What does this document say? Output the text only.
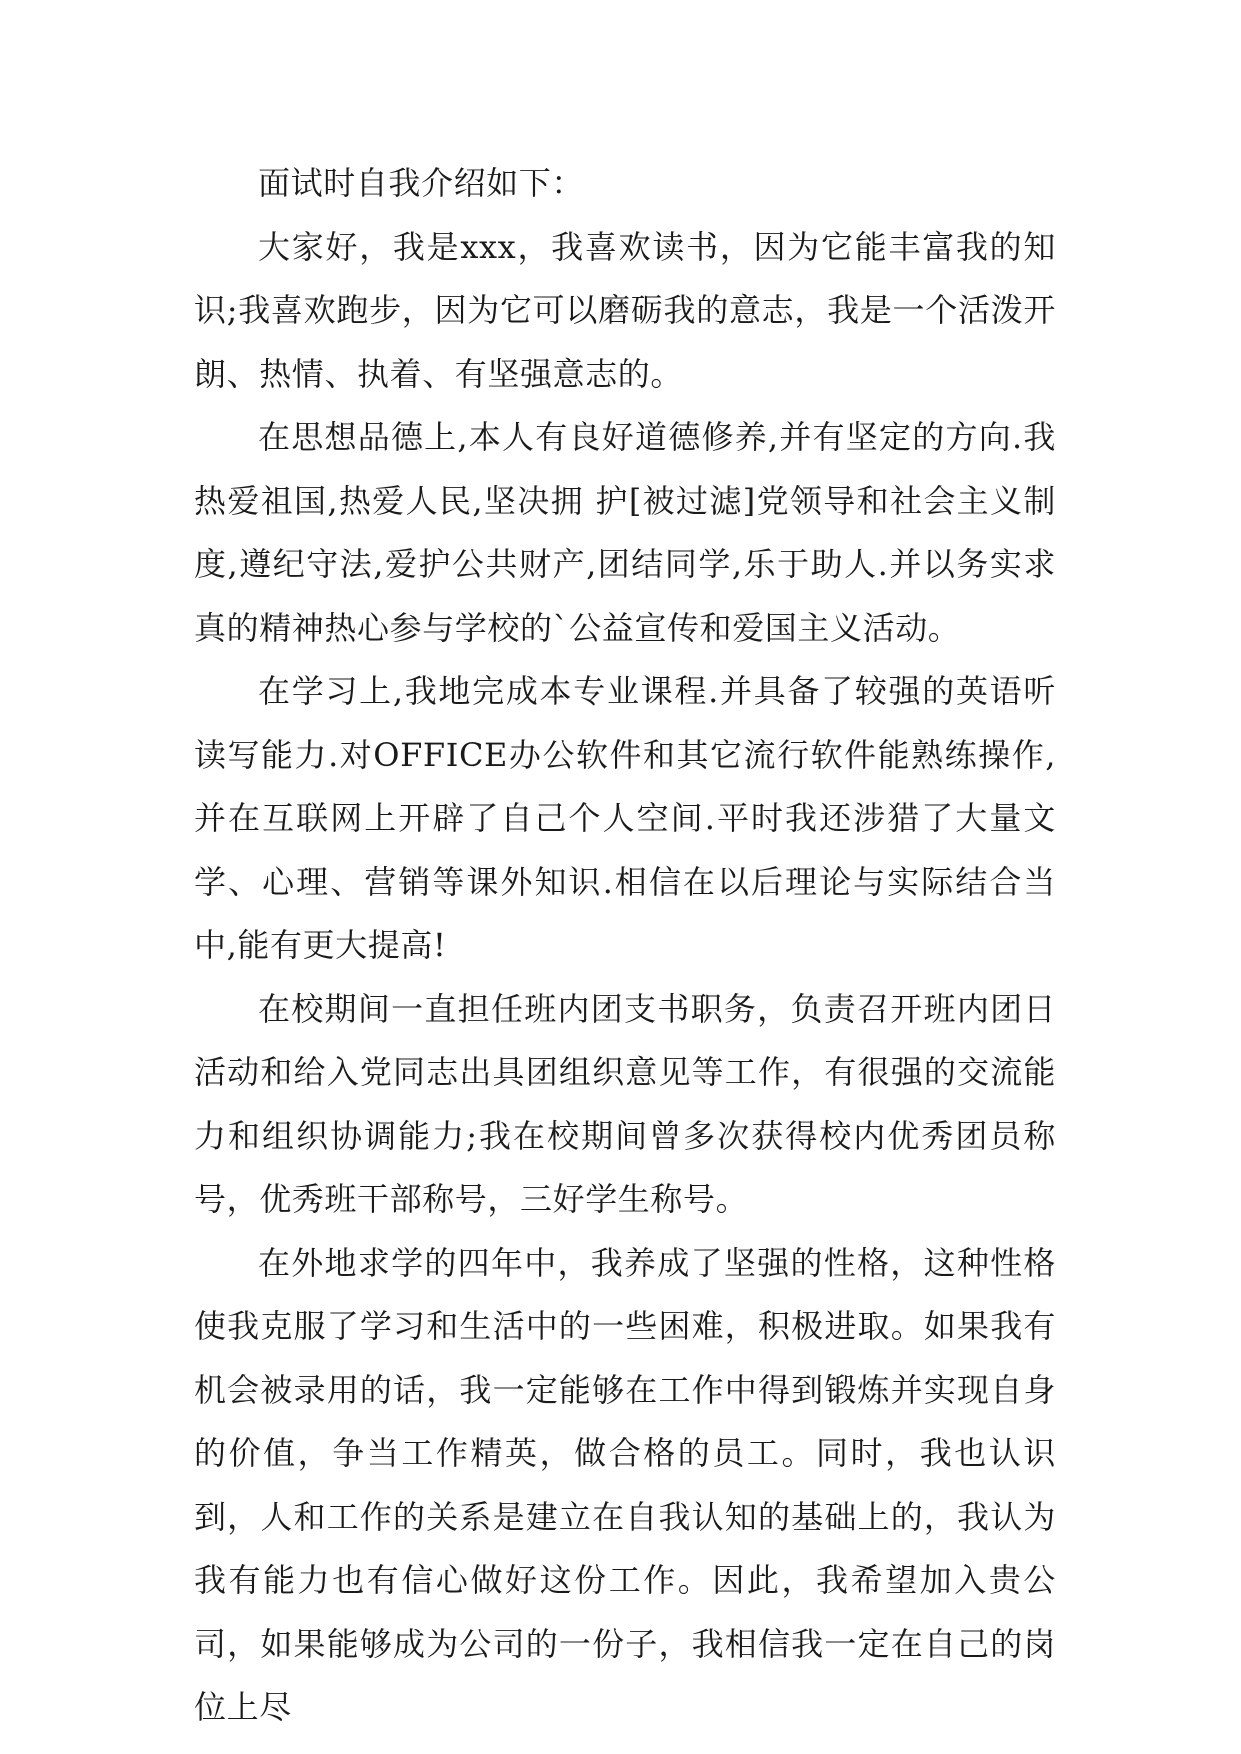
面试时自我介绍如下：

大家好，我是xxx，我喜欢读书，因为它能丰富我的知识;我喜欢跑步，因为它可以磨砺我的意志，我是一个活泼开朗、热情、执着、有坚强意志的。

在思想品德上,本人有良好道德修养,并有坚定的方向.我热爱祖国,热爱人民,坚决拥 护[被过滤]党领导和社会主义制度,遵纪守法,爱护公共财产,团结同学,乐于助人.并以务实求真的精神热心参与学校的`公益宣传和爱国主义活动。

在学习上,我地完成本专业课程.并具备了较强的英语听读写能力.对OFFICE办公软件和其它流行软件能熟练操作,并在互联网上开辟了自己个人空间.平时我还涉猎了大量文学、心理、营销等课外知识.相信在以后理论与实际结合当中,能有更大提高!

在校期间一直担任班内团支书职务，负责召开班内团日活动和给入党同志出具团组织意见等工作，有很强的交流能力和组织协调能力;我在校期间曾多次获得校内优秀团员称号，优秀班干部称号，三好学生称号。

在外地求学的四年中，我养成了坚强的性格，这种性格使我克服了学习和生活中的一些困难，积极进取。如果我有机会被录用的话，我一定能够在工作中得到锻炼并实现自身的价值，争当工作精英，做合格的员工。同时，我也认识到，人和工作的关系是建立在自我认知的基础上的，我认为我有能力也有信心做好这份工作。因此，我希望加入贵公司，如果能够成为公司的一份子，我相信我一定在自己的岗位上尽
